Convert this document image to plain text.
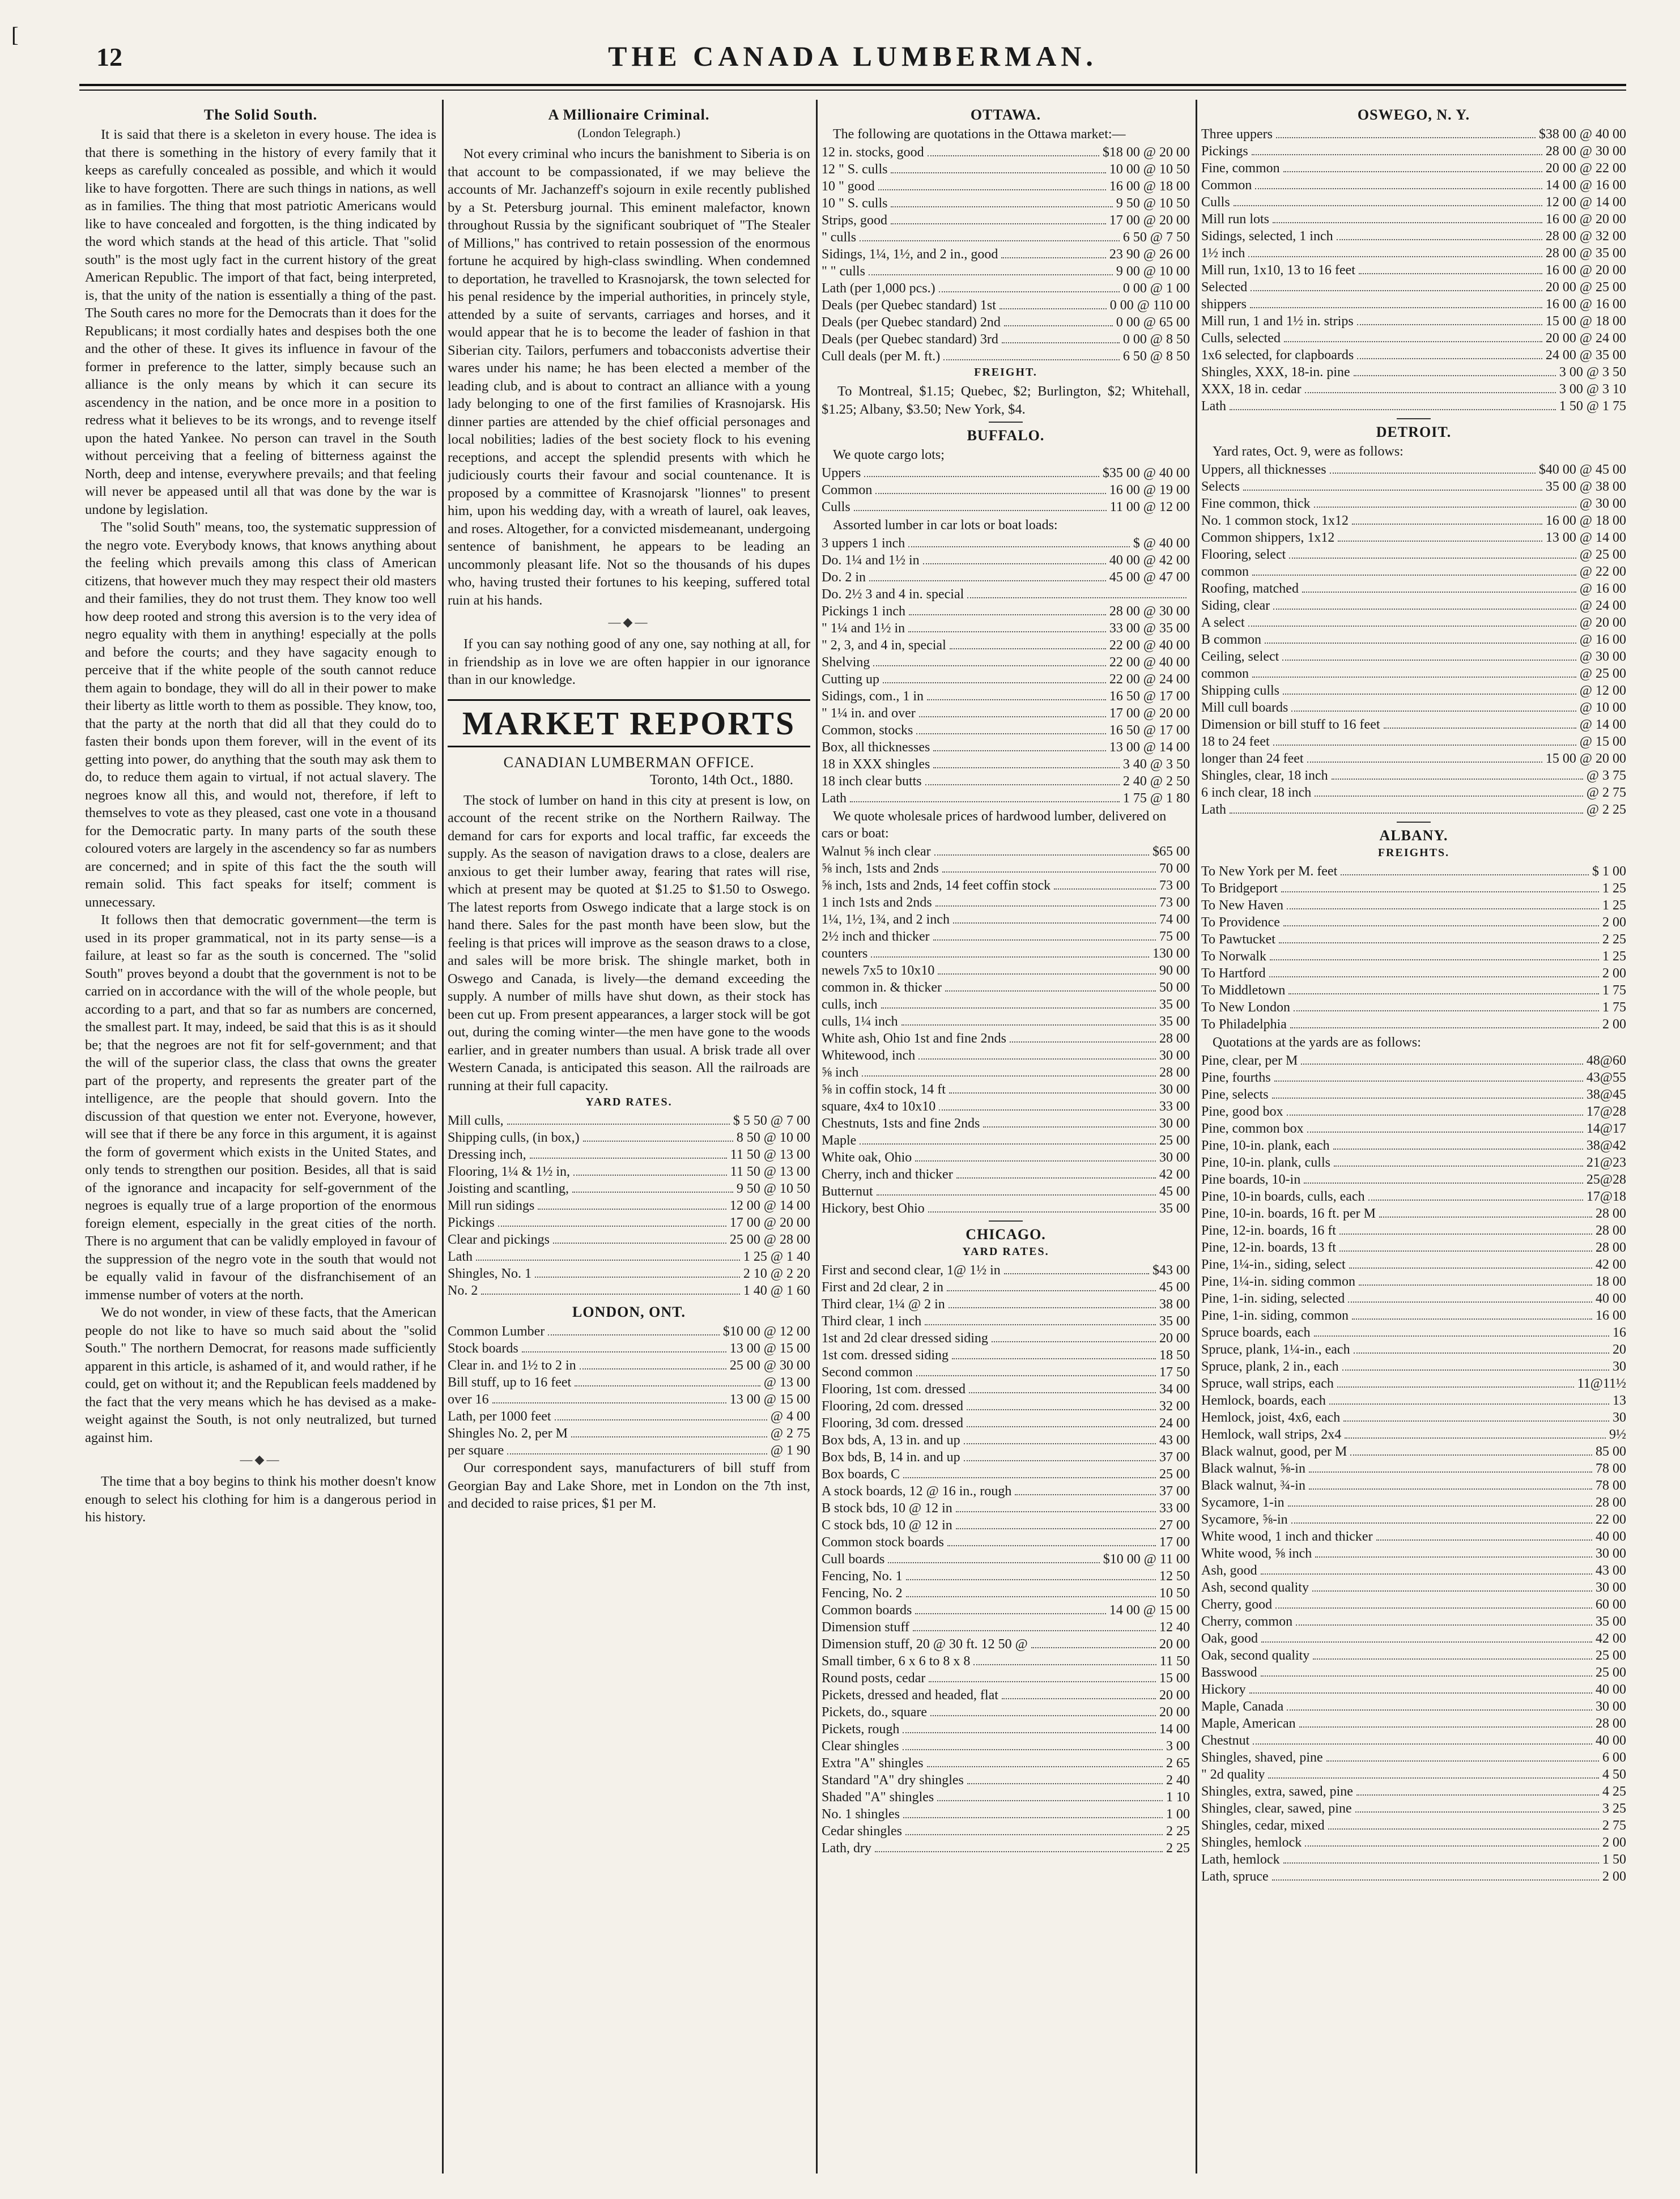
12	THE CANADA LUMBERMAN.
[
The Solid South.

It is said that there is a skeleton in every house. The idea is that there is something in the history of every family that it keeps as carefully concealed as possible, and which it would like to have forgotten. There are such things in nations, as well as in families. The thing that most patriotic Americans would like to have concealed and forgotten, is the thing indicated by the word which stands at the head of this article. That "solid south" is the most ugly fact in the current history of the great American Republic. The import of that fact, being interpreted, is, that the unity of the nation is essentially a thing of the past. The South cares no more for the Democrats than it does for the Republicans; it most cordially hates and despises both the one and the other of these. It gives its influence in favour of the former in preference to the latter, simply because such an alliance is the only means by which it can secure its ascendency in the nation, and be once more in a position to redress what it believes to be its wrongs, and to revenge itself upon the hated Yankee. No person can travel in the South without perceiving that a feeling of bitterness against the North, deep and intense, everywhere prevails; and that feeling will never be appeased until all that was done by the war is undone by legislation.

The "solid South" means, too, the systematic suppression of the negro vote. Everybody knows, that knows anything about the feeling which prevails among this class of American citizens, that however much they may respect their old masters and their families, they do not trust them. They know too well how deep rooted and strong this aversion is to the very idea of negro equality with them in anything! especially at the polls and before the courts; and they have sagacity enough to perceive that if the white people of the south cannot reduce them again to bondage, they will do all in their power to make their liberty as little worth to them as possible. They know, too, that the party at the north that did all that they could do to fasten their bonds upon them forever, will in the event of its getting into power, do anything that the south may ask them to do, to reduce them again to virtual, if not actual slavery. The negroes know all this, and would not, therefore, if left to themselves to vote as they pleased, cast one vote in a thousand for the Democratic party. In many parts of the south these coloured voters are largely in the ascendency so far as numbers are concerned; and in spite of this fact the the south will remain solid. This fact speaks for itself; comment is unnecessary.

It follows then that democratic government—the term is used in its proper grammatical, not in its party sense—is a failure, at least so far as the south is concerned. The "solid South" proves beyond a doubt that the government is not to be carried on in accordance with the will of the whole people, but according to a part, and that so far as numbers are concerned, the smallest part. It may, indeed, be said that this is as it should be; that the negroes are not fit for self-government; and that the will of the superior class, the class that owns the greater part of the property, and represents the greater part of the intelligence, are the people that should govern. Into the discussion of that question we enter not. Everyone, however, will see that if there be any force in this argument, it is against the form of goverment which exists in the United States, and only tends to strengthen our position. Besides, all that is said of the ignorance and incapacity for self-government of the negroes is equally true of a large proportion of the enormous foreign element, especially in the great cities of the north. There is no argument that can be validly employed in favour of the suppression of the negro vote in the south that would not be equally valid in favour of the disfranchisement of an immense number of voters at the north.

We do not wonder, in view of these facts, that the American people do not like to have so much said about the "solid South." The northern Democrat, for reasons made sufficiently apparent in this article, is ashamed of it, and would rather, if he could, get on without it; and the Republican feels maddened by the fact that the very means which he has devised as a make-weight against the South, is not only neutralized, but turned against him.

—◆—

The time that a boy begins to think his mother doesn't know enough to select his clothing for him is a dangerous period in his history.

A Millionaire Criminal.
(London Telegraph.)

Not every criminal who incurs the banishment to Siberia is on that account to be compassionated, if we may believe the accounts of Mr. Jachanzeff's sojourn in exile recently published by a St. Petersburg journal. This eminent malefactor, known throughout Russia by the significant soubriquet of "The Stealer of Millions," has contrived to retain possession of the enormous fortune he acquired by high-class swindling. When condemned to deportation, he travelled to Krasnojarsk, the town selected for his penal residence by the imperial authorities, in princely style, attended by a suite of servants, carriages and horses, and it would appear that he is to become the leader of fashion in that Siberian city. Tailors, perfumers and tobacconists advertise their wares under his name; he has been elected a member of the leading club, and is about to contract an alliance with a young lady belonging to one of the first families of Krasnojarsk. His dinner parties are attended by the chief official personages and local nobilities; ladies of the best society flock to his evening receptions, and accept the splendid presents with which he judiciously courts their favour and social countenance. It is proposed by a committee of Krasnojarsk "lionnes" to present him, upon his wedding day, with a wreath of laurel, oak leaves, and roses. Altogether, for a convicted misdemeanant, undergoing sentence of banishment, he appears to be leading an uncommonly pleasant life. Not so the thousands of his dupes who, having trusted their fortunes to his keeping, suffered total ruin at his hands.

—◆—

If you can say nothing good of any one, say nothing at all, for in friendship as in love we are often happier in our ignorance than in our knowledge.

MARKET REPORTS
CANADIAN LUMBERMAN OFFICE.
Toronto, 14th Oct., 1880.

The stock of lumber on hand in this city at present is low, on account of the recent strike on the Northern Railway. The demand for cars for exports and local traffic, far exceeds the supply. As the season of navigation draws to a close, dealers are anxious to get their lumber away, fearing that rates will rise, which at present may be quoted at $1.25 to $1.50 to Oswego. The latest reports from Oswego indicate that a large stock is on hand there. Sales for the past month have been slow, but the feeling is that prices will improve as the season draws to a close, and sales will be more brisk. The shingle market, both in Oswego and Canada, is lively—the demand exceeding the supply. A number of mills have shut down, as their stock has been cut up. From present appearances, a larger stock will be got out, during the coming winter—the men have gone to the woods earlier, and in greater numbers than usual. A brisk trade all over Western Canada, is anticipated this season. All the railroads are running at their full capacity.

YARD RATES.
Mill culls,	$ 5 50 @ 7 00
Shipping culls, (in box,)	8 50 @ 10 00
Dressing inch,	11 50 @ 13 00
Flooring, 1¼ & 1½ in,	11 50 @ 13 00
Joisting and scantling,	9 50 @ 10 50
Mill run sidings	12 00 @ 14 00
Pickings	17 00 @ 20 00
Clear and pickings	25 00 @ 28 00
Lath	1 25 @ 1 40
Shingles, No. 1	2 10 @ 2 20
No. 2	1 40 @ 1 60
LONDON, ONT.
Common Lumber	$10 00 @ 12 00
Stock boards	13 00 @ 15 00
Clear in. and 1½ to 2 in	25 00 @ 30 00
Bill stuff, up to 16 feet	@ 13 00
over 16	13 00 @ 15 00
Lath, per 1000 feet	@ 4 00
Shingles No. 2, per M	@ 2 75
per square	@ 1 90

Our correspondent says, manufacturers of bill stuff from Georgian Bay and Lake Shore, met in London on the 7th inst, and decided to raise prices, $1 per M.

OTTAWA.
The following are quotations in the Ottawa market:—
12 in. stocks, good	$18 00 @ 20 00
12 " S. culls	10 00 @ 10 50
10 " good	16 00 @ 18 00
10 " S. culls	9 50 @ 10 50
Strips, good	17 00 @ 20 00
" culls	6 50 @ 7 50
Sidings, 1¼, 1½, and 2 in., good	23 90 @ 26 00
" " culls	9 00 @ 10 00
Lath (per 1,000 pcs.)	0 00 @ 1 00
Deals (per Quebec standard) 1st	0 00 @ 110 00
Deals (per Quebec standard) 2nd	0 00 @ 65 00
Deals (per Quebec standard) 3rd	0 00 @ 8 50
Cull deals (per M. ft.)	6 50 @ 8 50
FREIGHT.

To Montreal, $1.15; Quebec, $2; Burlington, $2; Whitehall, $1.25; Albany, $3.50; New York, $4.

BUFFALO.
We quote cargo lots;
Uppers	$35 00 @ 40 00
Common	16 00 @ 19 00
Culls	11 00 @ 12 00
Assorted lumber in car lots or boat loads:
3 uppers 1 inch	$ @ 40 00
Do. 1¼ and 1½ in	40 00 @ 42 00
Do. 2 in	45 00 @ 47 00
Do. 2½ 3 and 4 in. special
Pickings 1 inch	28 00 @ 30 00
" 1¼ and 1½ in	33 00 @ 35 00
" 2, 3, and 4 in, special	22 00 @ 40 00
Shelving	22 00 @ 40 00
Cutting up	22 00 @ 24 00
Sidings, com., 1 in	16 50 @ 17 00
" 1¼ in. and over	17 00 @ 20 00
Common, stocks	16 50 @ 17 00
Box, all thicknesses	13 00 @ 14 00
18 in XXX shingles	3 40 @ 3 50
18 inch clear butts	2 40 @ 2 50
Lath	1 75 @ 1 80
We quote wholesale prices of hardwood lumber, delivered on cars or boat:
Walnut ⅝ inch clear	$65 00
⅝ inch, 1sts and 2nds	70 00
⅝ inch, 1sts and 2nds, 14 feet coffin stock	73 00
1 inch 1sts and 2nds	73 00
1¼, 1½, 1¾, and 2 inch	74 00
2½ inch and thicker	75 00
counters	130 00
newels 7x5 to 10x10	90 00
common in. & thicker	50 00
culls, inch	35 00
culls, 1¼ inch	35 00
White ash, Ohio 1st and fine 2nds	28 00
Whitewood, inch	30 00
⅝ inch	28 00
⅝ in coffin stock, 14 ft	30 00
square, 4x4 to 10x10	33 00
Chestnuts, 1sts and fine 2nds	30 00
Maple	25 00
White oak, Ohio	30 00
Cherry, inch and thicker	42 00
Butternut	45 00
Hickory, best Ohio	35 00
CHICAGO.
YARD RATES.
First and second clear, 1@ 1½ in	$43 00
First and 2d clear, 2 in	45 00
Third clear, 1¼ @ 2 in	38 00
Third clear, 1 inch	35 00
1st and 2d clear dressed siding	20 00
1st com. dressed siding	18 50
Second common	17 50
Flooring, 1st com. dressed	34 00
Flooring, 2d com. dressed	32 00
Flooring, 3d com. dressed	24 00
Box bds, A, 13 in. and up	43 00
Box bds, B, 14 in. and up	37 00
Box boards, C	25 00
A stock boards, 12 @ 16 in., rough	37 00
B stock bds, 10 @ 12 in	33 00
C stock bds, 10 @ 12 in	27 00
Common stock boards	17 00
Cull boards	$10 00 @ 11 00
Fencing, No. 1	12 50
Fencing, No. 2	10 50
Common boards	14 00 @ 15 00
Dimension stuff	12 40
Dimension stuff, 20 @ 30 ft. 12 50 @	20 00
Small timber, 6 x 6 to 8 x 8	11 50
Round posts, cedar	15 00
Pickets, dressed and headed, flat	20 00
Pickets, do., square	20 00
Pickets, rough	14 00
Clear shingles	3 00
Extra "A" shingles	2 65
Standard "A" dry shingles	2 40
Shaded "A" shingles	1 10
No. 1 shingles	1 00
Cedar shingles	2 25
Lath, dry	2 25
OSWEGO, N. Y.
Three uppers	$38 00 @ 40 00
Pickings	28 00 @ 30 00
Fine, common	20 00 @ 22 00
Common	14 00 @ 16 00
Culls	12 00 @ 14 00
Mill run lots	16 00 @ 20 00
Sidings, selected, 1 inch	28 00 @ 32 00
1½ inch	28 00 @ 35 00
Mill run, 1x10, 13 to 16 feet	16 00 @ 20 00
Selected	20 00 @ 25 00
shippers	16 00 @ 16 00
Mill run, 1 and 1½ in. strips	15 00 @ 18 00
Culls, selected	20 00 @ 24 00
1x6 selected, for clapboards	24 00 @ 35 00
Shingles, XXX, 18-in. pine	3 00 @ 3 50
XXX, 18 in. cedar	3 00 @ 3 10
Lath	1 50 @ 1 75
DETROIT.
Yard rates, Oct. 9, were as follows:
Uppers, all thicknesses	$40 00 @ 45 00
Selects	35 00 @ 38 00
Fine common, thick	@ 30 00
No. 1 common stock, 1x12	16 00 @ 18 00
Common shippers, 1x12	13 00 @ 14 00
Flooring, select	@ 25 00
common	@ 22 00
Roofing, matched	@ 16 00
Siding, clear	@ 24 00
A select	@ 20 00
B common	@ 16 00
Ceiling, select	@ 30 00
common	@ 25 00
Shipping culls	@ 12 00
Mill cull boards	@ 10 00
Dimension or bill stuff to 16 feet	@ 14 00
18 to 24 feet	@ 15 00
longer than 24 feet	15 00 @ 20 00
Shingles, clear, 18 inch	@ 3 75
6 inch clear, 18 inch	@ 2 75
Lath	@ 2 25
ALBANY.
FREIGHTS.
To New York per M. feet	$ 1 00
To Bridgeport	1 25
To New Haven	1 25
To Providence	2 00
To Pawtucket	2 25
To Norwalk	1 25
To Hartford	2 00
To Middletown	1 75
To New London	1 75
To Philadelphia	2 00
Quotations at the yards are as follows:
Pine, clear, per M	48@60
Pine, fourths	43@55
Pine, selects	38@45
Pine, good box	17@28
Pine, common box	14@17
Pine, 10-in. plank, each	38@42
Pine, 10-in. plank, culls	21@23
Pine boards, 10-in	25@28
Pine, 10-in boards, culls, each	17@18
Pine, 10-in. boards, 16 ft. per M	28 00
Pine, 12-in. boards, 16 ft	28 00
Pine, 12-in. boards, 13 ft	28 00
Pine, 1¼-in., siding, select	42 00
Pine, 1¼-in. siding common	18 00
Pine, 1-in. siding, selected	40 00
Pine, 1-in. siding, common	16 00
Spruce boards, each	16
Spruce, plank, 1¼-in., each	20
Spruce, plank, 2 in., each	30
Spruce, wall strips, each	11@11½
Hemlock, boards, each	13
Hemlock, joist, 4x6, each	30
Hemlock, wall strips, 2x4	9½
Black walnut, good, per M	85 00
Black walnut, ⅝-in	78 00
Black walnut, ¾-in	78 00
Sycamore, 1-in	28 00
Sycamore, ⅝-in	22 00
White wood, 1 inch and thicker	40 00
White wood, ⅝ inch	30 00
Ash, good	43 00
Ash, second quality	30 00
Cherry, good	60 00
Cherry, common	35 00
Oak, good	42 00
Oak, second quality	25 00
Basswood	25 00
Hickory	40 00
Maple, Canada	30 00
Maple, American	28 00
Chestnut	40 00
Shingles, shaved, pine	6 00
" 2d quality	4 50
Shingles, extra, sawed, pine	4 25
Shingles, clear, sawed, pine	3 25
Shingles, cedar, mixed	2 75
Shingles, hemlock	2 00
Lath, hemlock	1 50
Lath, spruce	2 00
